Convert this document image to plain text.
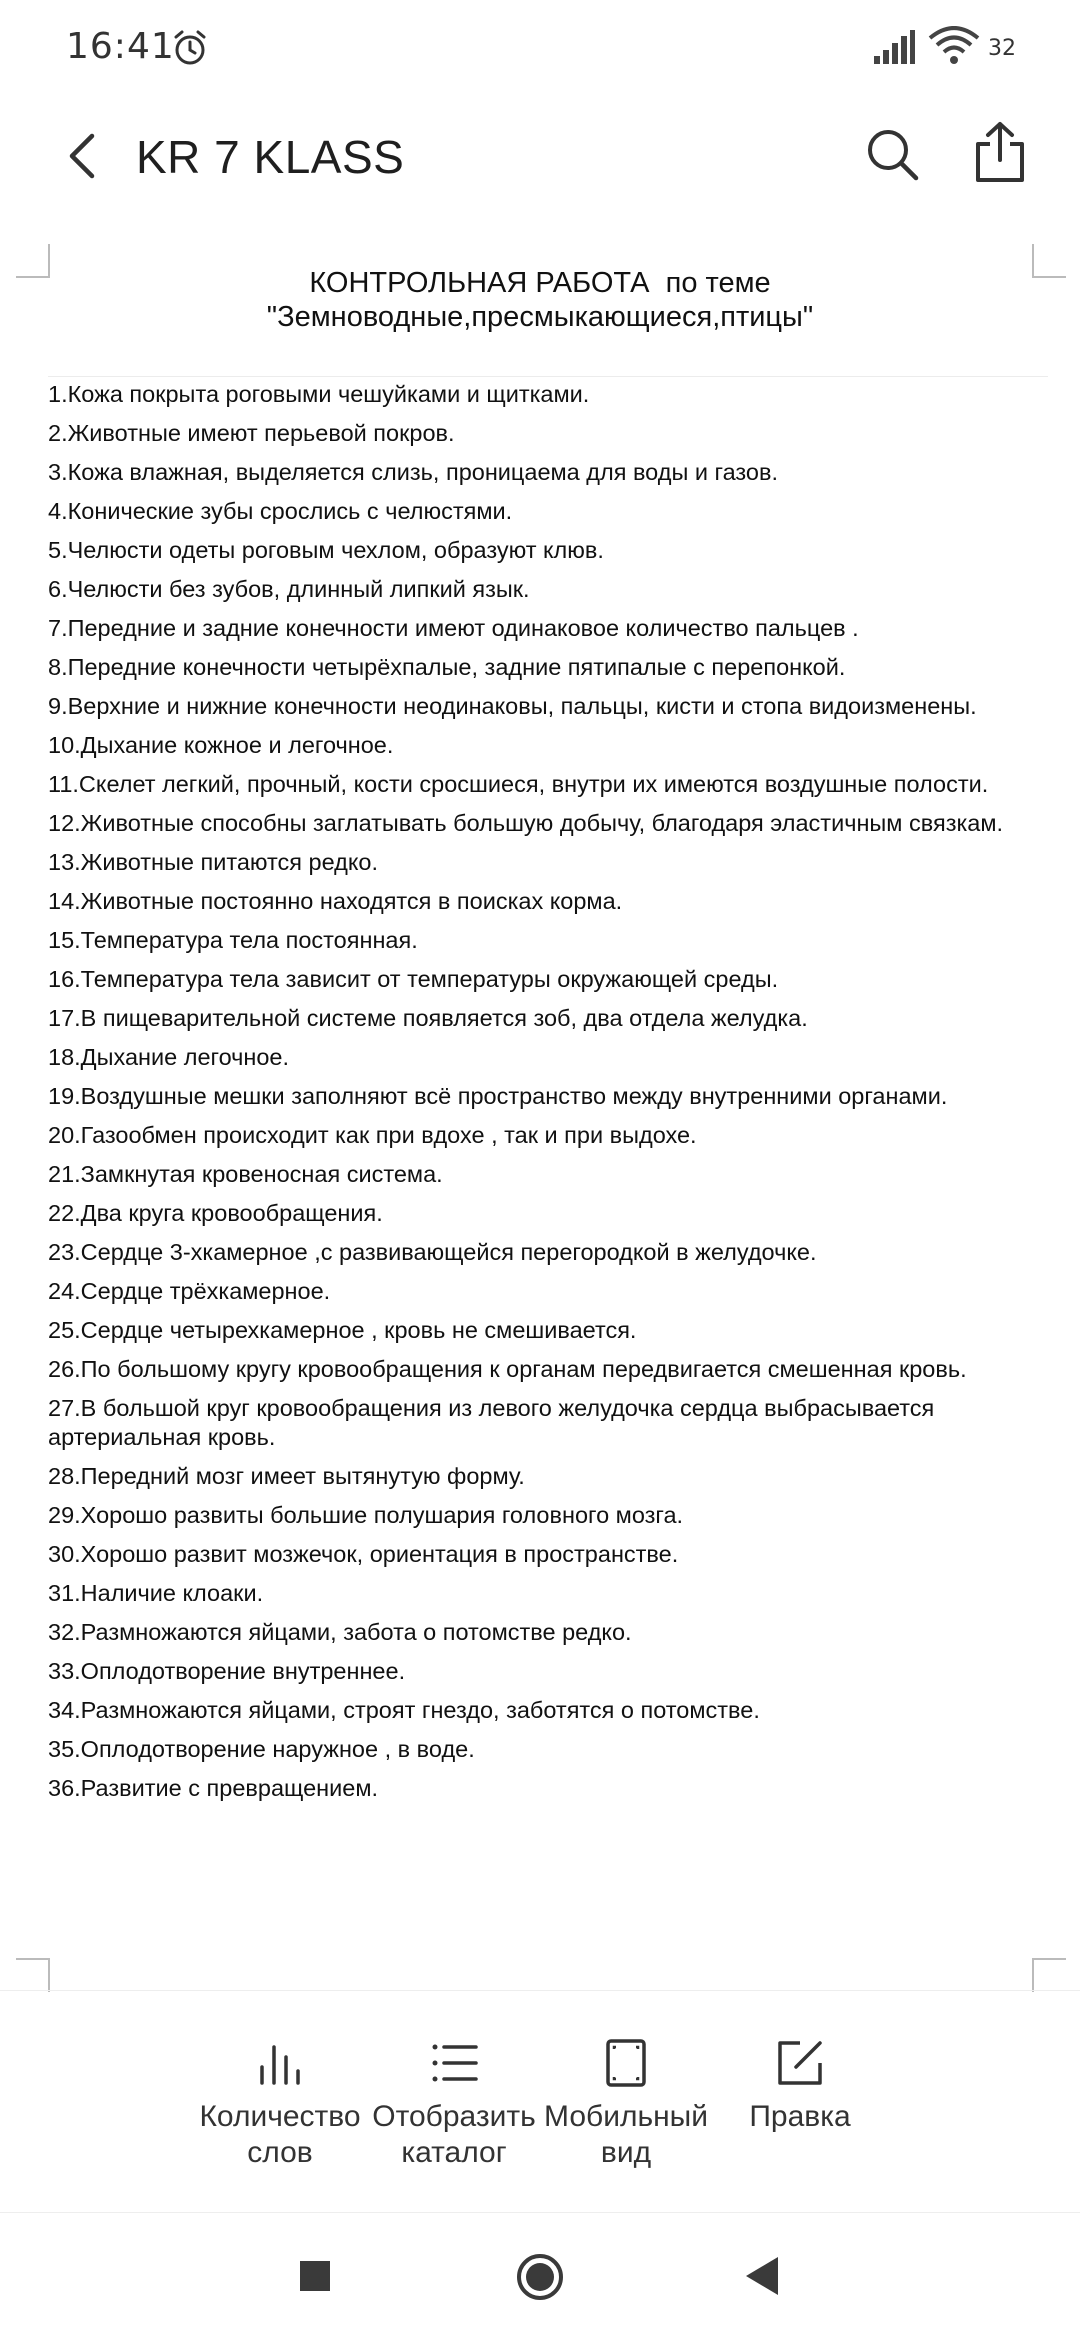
16:41	32
KR 7 KLASS
КОНТРОЛЬНАЯ РАБОТА  по теме
"Земноводные,пресмыкающиеся,птицы"
1.Кожа покрыта роговыми чешуйками и щитками.
2.Животные имеют перьевой покров.
3.Кожа влажная, выделяется слизь, проницаема для воды и газов.
4.Конические зубы срослись с челюстями.
5.Челюсти одеты роговым чехлом, образуют клюв.
6.Челюсти без зубов, длинный липкий язык.
7.Передние и задние конечности имеют одинаковое количество пальцев .
8.Передние конечности четырёхпалые, задние пятипалые с перепонкой.
9.Верхние и нижние конечности неодинаковы, пальцы, кисти и стопа видоизменены.
10.Дыхание кожное и легочное.
11.Скелет легкий, прочный, кости сросшиеся, внутри их имеются воздушные полости.
12.Животные способны заглатывать большую добычу, благодаря эластичным связкам.
13.Животные питаются редко.
14.Животные постоянно находятся в поисках корма.
15.Температура тела постоянная.
16.Температура тела зависит от температуры окружающей среды.
17.В пищеварительной системе появляется зоб, два отдела желудка.
18.Дыхание легочное.
19.Воздушные мешки заполняют всё пространство между внутренними органами.
20.Газообмен происходит как при вдохе , так и при выдохе.
21.Замкнутая кровеносная система.
22.Два круга кровообращения.
23.Сердце 3-хкамерное ,с развивающейся перегородкой в желудочке.
24.Сердце трёхкамерное.
25.Сердце четырехкамерное , кровь не смешивается.
26.По большому кругу кровообращения к органам передвигается смешенная кровь.
27.В большой круг кровообращения из левого желудочка сердца выбрасывается артериальная кровь.
28.Передний мозг имеет вытянутую форму.
29.Хорошо развиты большие полушария головного мозга.
30.Хорошо развит мозжечок, ориентация в пространстве.
31.Наличие клоаки.
32.Размножаются яйцами, забота о потомстве редко.
33.Оплодотворение внутреннее.
34.Размножаются яйцами, строят гнездо, заботятся о потомстве.
35.Оплодотворение наружное , в воде.
36.Развитие с превращением.
Количество
слов
Отобразить
каталог
Мобильный
вид
Правка
